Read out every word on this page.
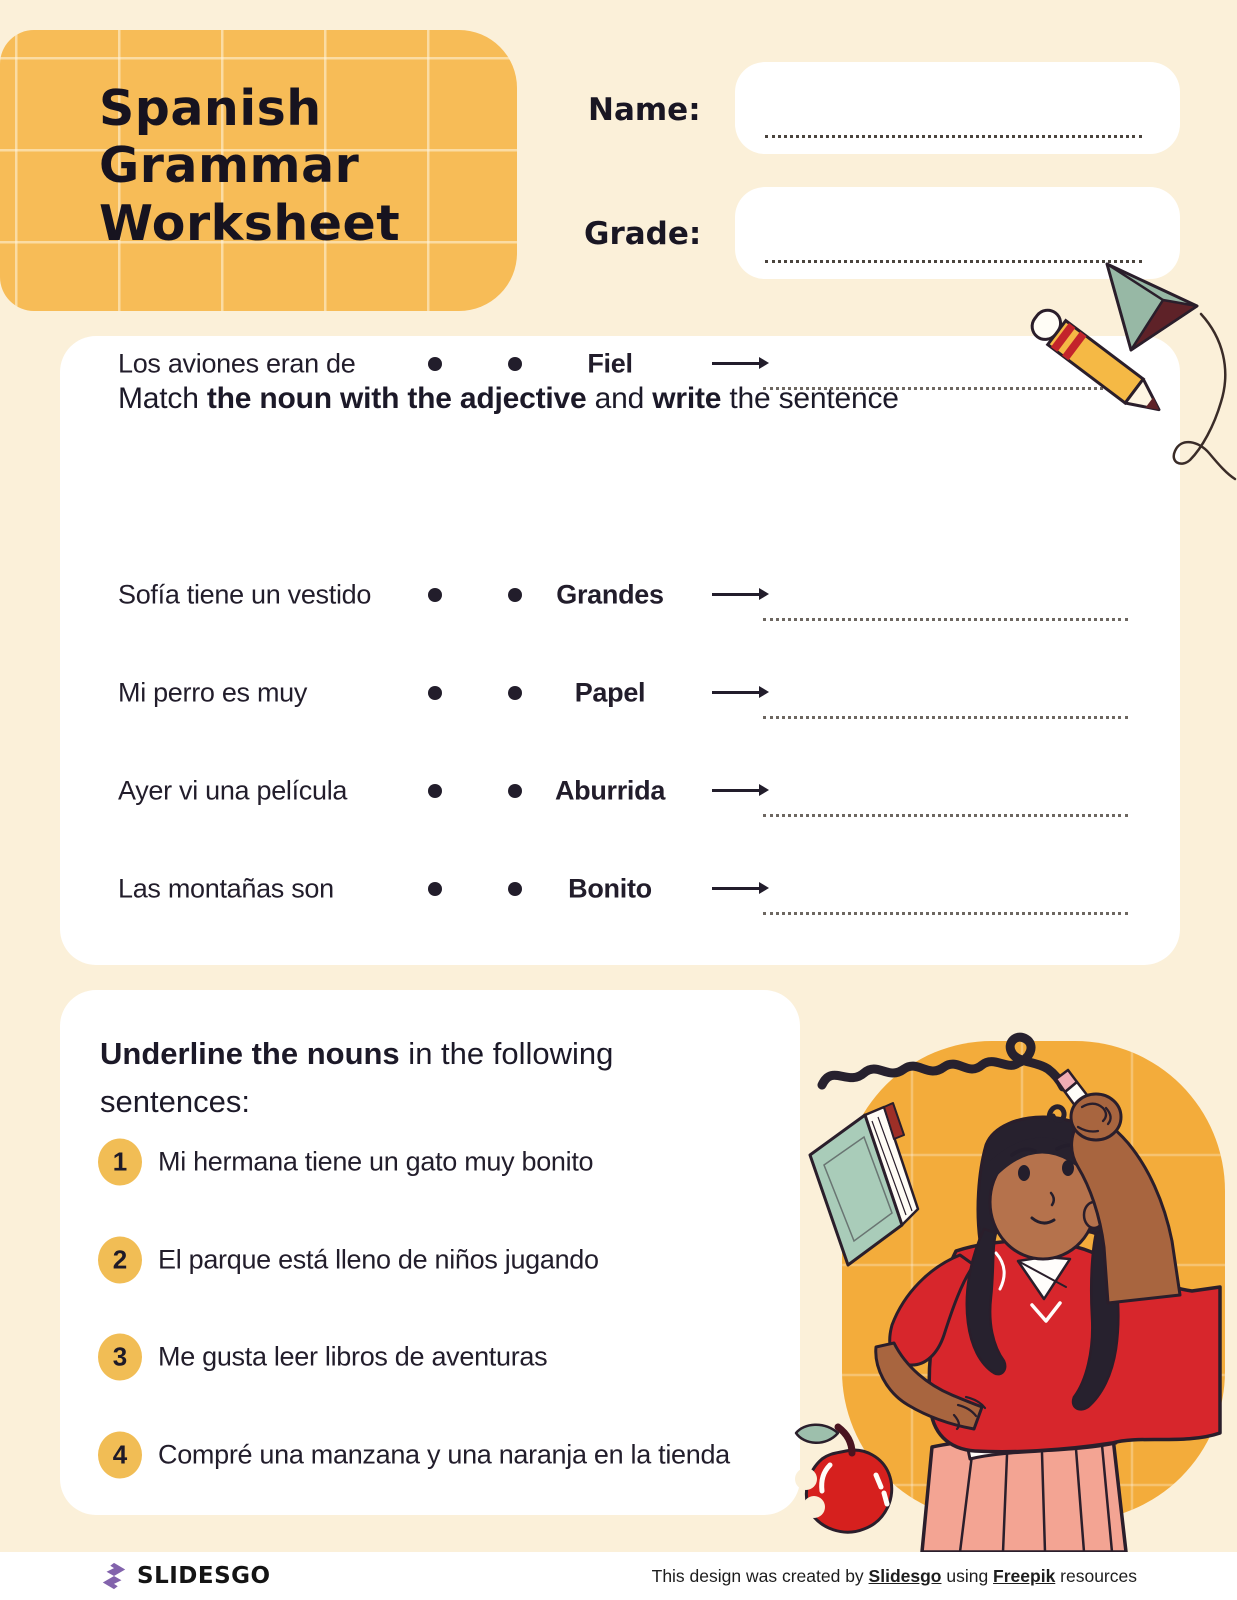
Spanish
Grammar
Worksheet
Name:
Grade:
Match the noun with the adjective and write the sentence
Sofía tiene un vestido	Grandes
Mi perro es muy	Papel
Ayer vi una película	Aburrida
Las montañas son	Bonito
Los aviones eran de	Fiel
Underline the nouns in the following sentences:
1	Mi hermana tiene un gato muy bonito
2	El parque está lleno de niños jugando
3	Me gusta leer libros de aventuras
4	Compré una manzana y una naranja en la tienda
SLIDESGO	This design was created by Slidesgo using Freepik resources
